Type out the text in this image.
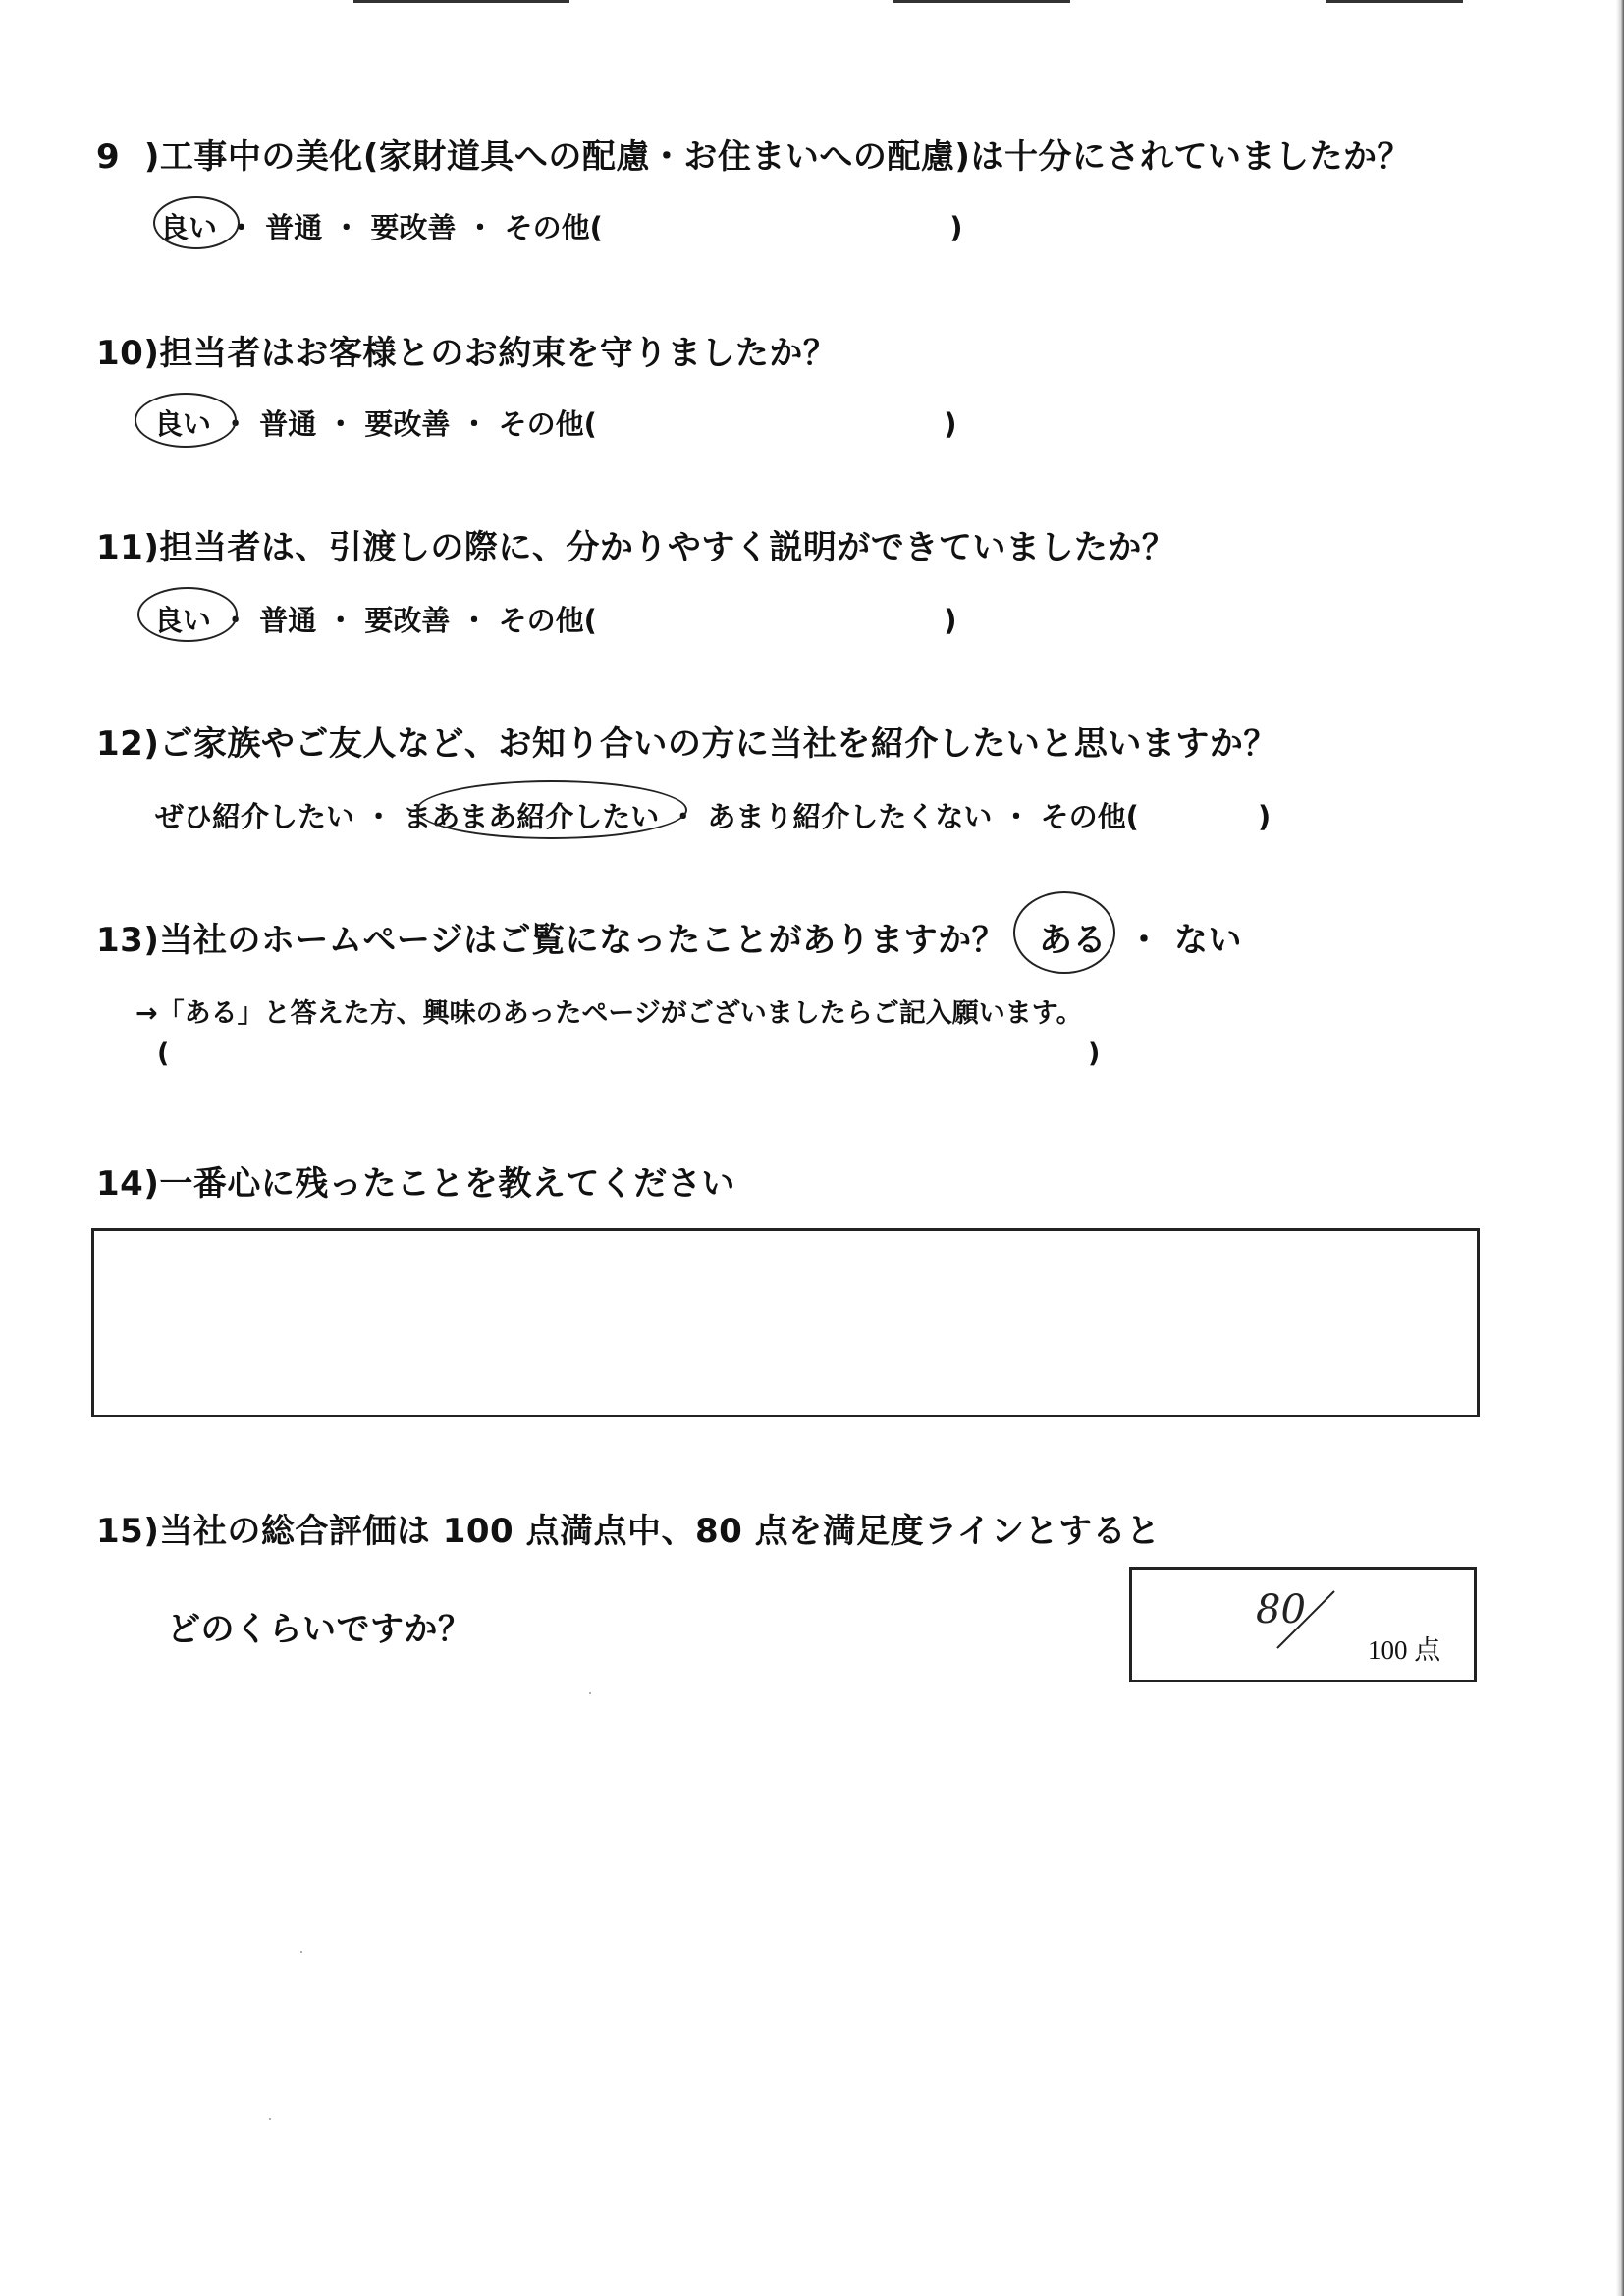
9  )工事中の美化(家財道具への配慮・お住まいへの配慮)は十分にされていましたか？
良い ・ 普通 ・ 要改善 ・ その他(                                   )
10)担当者はお客様とのお約束を守りましたか？
良い ・ 普通 ・ 要改善 ・ その他(                                   )
11)担当者は、引渡しの際に、分かりやすく説明ができていましたか？
良い ・ 普通 ・ 要改善 ・ その他(                                   )
12)ご家族やご友人など、お知り合いの方に当社を紹介したいと思いますか？
ぜひ紹介したい ・ まあまあ紹介したい ・ あまり紹介したくない ・ その他(            )
13)当社のホームページはご覧になったことがありますか？ ある ・ ない
→「ある」と答えた方、興味のあったページがございましたらご記入願います。
(	)
14)一番心に残ったことを教えてください
15)当社の総合評価は 100 点満点中、80 点を満足度ラインとすると
どのくらいですか？	80
100 点
